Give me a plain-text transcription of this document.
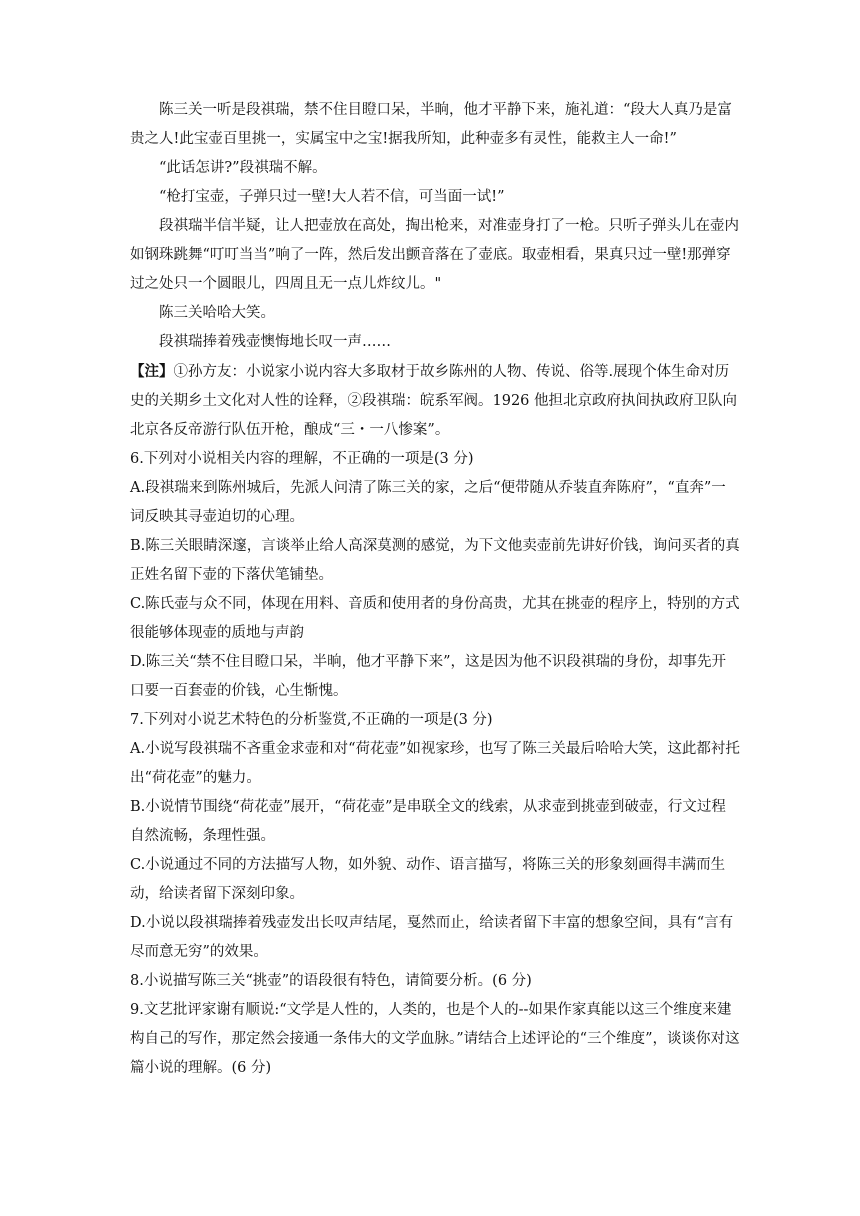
陈三关一听是段祺瑞，禁不住目瞪口呆，半晌，他才平静下来，施礼道：“段大人真乃是富贵之人!此宝壶百里挑一，实属宝中之宝!据我所知，此种壶多有灵性，能救主人一命!”

“此话怎讲?”段祺瑞不解。

“枪打宝壶，子弹只过一壁!大人若不信，可当面一试!”

段祺瑞半信半疑，让人把壶放在高处，掏出枪来，对准壶身打了一枪。只听子弹头儿在壶内如钢珠跳舞“叮叮当当”响了一阵，然后发出颤音落在了壶底。取壶相看，果真只过一壁!那弹穿过之处只一个圆眼儿，四周且无一点儿炸纹儿。"

陈三关哈哈大笑。

段祺瑞捧着残壶懊悔地长叹一声……

【注】①孙方友：小说家小说内容大多取材于故乡陈州的人物、传说、俗等.展现个体生命对历史的关期乡土文化对人性的诠释，②段祺瑞：皖系军阀。1926 他担北京政府执间执政府卫队向北京各反帝游行队伍开枪，酿成“三・一八惨案”。

6.下列对小说相关内容的理解，不正确的一项是(3 分)

A.段祺瑞来到陈州城后，先派人问清了陈三关的家，之后“便带随从乔装直奔陈府”，“直奔”一词反映其寻壶迫切的心理。

B.陈三关眼睛深邃，言谈举止给人高深莫测的感觉，为下文他卖壶前先讲好价钱，询问买者的真正姓名留下壶的下落伏笔铺垫。

C.陈氏壶与众不同，体现在用料、音质和使用者的身份高贵，尤其在挑壶的程序上，特别的方式很能够体现壶的质地与声韵

D.陈三关“禁不住目瞪口呆，半晌，他才平静下来”，这是因为他不识段祺瑞的身份，却事先开口要一百套壶的价钱，心生惭愧。

7.下列对小说艺术特色的分析鉴赏,不正确的一项是(3 分)

A.小说写段祺瑞不吝重金求壶和对“荷花壶”如视家珍，也写了陈三关最后哈哈大笑，这此都衬托出“荷花壶”的魅力。

B.小说情节围绕“荷花壶”展开，“荷花壶”是串联全文的线索，从求壶到挑壶到破壶，行文过程自然流畅，条理性强。

C.小说通过不同的方法描写人物，如外貌、动作、语言描写，将陈三关的形象刻画得丰满而生动，给读者留下深刻印象。

D.小说以段祺瑞捧着残壶发出长叹声结尾，戛然而止，给读者留下丰富的想象空间，具有“言有尽而意无穷”的效果。

8.小说描写陈三关“挑壶”的语段很有特色，请简要分析。(6 分)

9.文艺批评家谢有顺说:“文学是人性的，人类的，也是个人的--如果作家真能以这三个维度来建构自己的写作，那定然会接通一条伟大的文学血脉。”请结合上述评论的“三个维度”，谈谈你对这篇小说的理解。(6 分)
